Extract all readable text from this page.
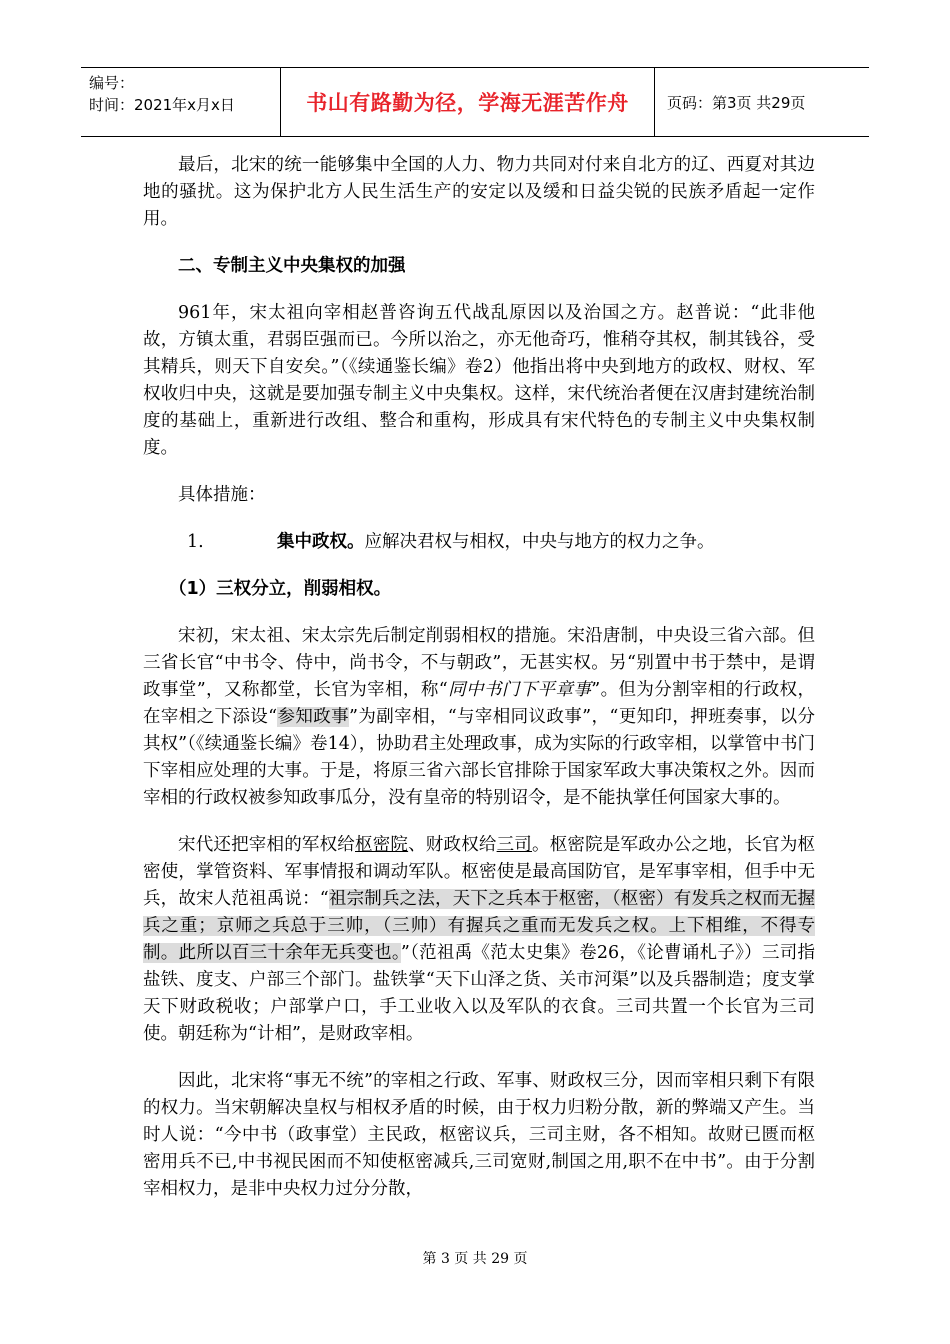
编号：
时间：2021年x月x日	书山有路勤为径，学海无涯苦作舟	页码：第3页 共29页

最后，北宋的统一能够集中全国的人力、物力共同对付来自北方的辽、西夏对其边地的骚扰。这为保护北方人民生活生产的安定以及缓和日益尖锐的民族矛盾起一定作用。

二、专制主义中央集权的加强

961年，宋太祖向宰相赵普咨询五代战乱原因以及治国之方。赵普说：“此非他故，方镇太重，君弱臣强而已。今所以治之，亦无他奇巧，惟稍夺其权，制其钱谷，受其精兵，则天下自安矣。”（《续通鉴长编》卷2）他指出将中央到地方的政权、财权、军权收归中央，这就是要加强专制主义中央集权。这样，宋代统治者便在汉唐封建统治制度的基础上，重新进行改组、整合和重构，形成具有宋代特色的专制主义中央集权制度。

具体措施：

1.	集中政权。应解决君权与相权，中央与地方的权力之争。

（1）三权分立，削弱相权。

宋初，宋太祖、宋太宗先后制定削弱相权的措施。宋沿唐制，中央设三省六部。但三省长官“中书令、侍中，尚书令，不与朝政”，无甚实权。另“别置中书于禁中，是谓政事堂”，又称都堂，长官为宰相，称“同中书门下平章事”。但为分割宰相的行政权，在宰相之下添设“参知政事”为副宰相，“与宰相同议政事”，“更知印，押班奏事，以分其权”（《续通鉴长编》卷14），协助君主处理政事，成为实际的行政宰相，以掌管中书门下宰相应处理的大事。于是，将原三省六部长官排除于国家军政大事决策权之外。因而宰相的行政权被参知政事瓜分，没有皇帝的特别诏令，是不能执掌任何国家大事的。

宋代还把宰相的军权给枢密院、财政权给三司。枢密院是军政办公之地，长官为枢密使，掌管资料、军事情报和调动军队。枢密使是最高国防官，是军事宰相，但手中无兵，故宋人范祖禹说：“祖宗制兵之法，天下之兵本于枢密，（枢密）有发兵之权而无握兵之重；京师之兵总于三帅，（三帅）有握兵之重而无发兵之权。上下相维，不得专制。此所以百三十余年无兵变也。”（范祖禹《范太史集》卷26，《论曹诵札子》）三司指盐铁、度支、户部三个部门。盐铁掌“天下山泽之货、关市河渠”以及兵器制造；度支掌天下财政税收；户部掌户口，手工业收入以及军队的衣食。三司共置一个长官为三司使。朝廷称为“计相”，是财政宰相。

因此，北宋将“事无不统”的宰相之行政、军事、财政权三分，因而宰相只剩下有限的权力。当宋朝解决皇权与相权矛盾的时候，由于权力归粉分散，新的弊端又产生。当时人说：“今中书（政事堂）主民政，枢密议兵，三司主财，各不相知。故财已匮而枢密用兵不已,中书视民困而不知使枢密减兵,三司宽财,制国之用,职不在中书”。由于分割宰相权力，是非中央权力过分分散，

第 3 页 共 29 页
